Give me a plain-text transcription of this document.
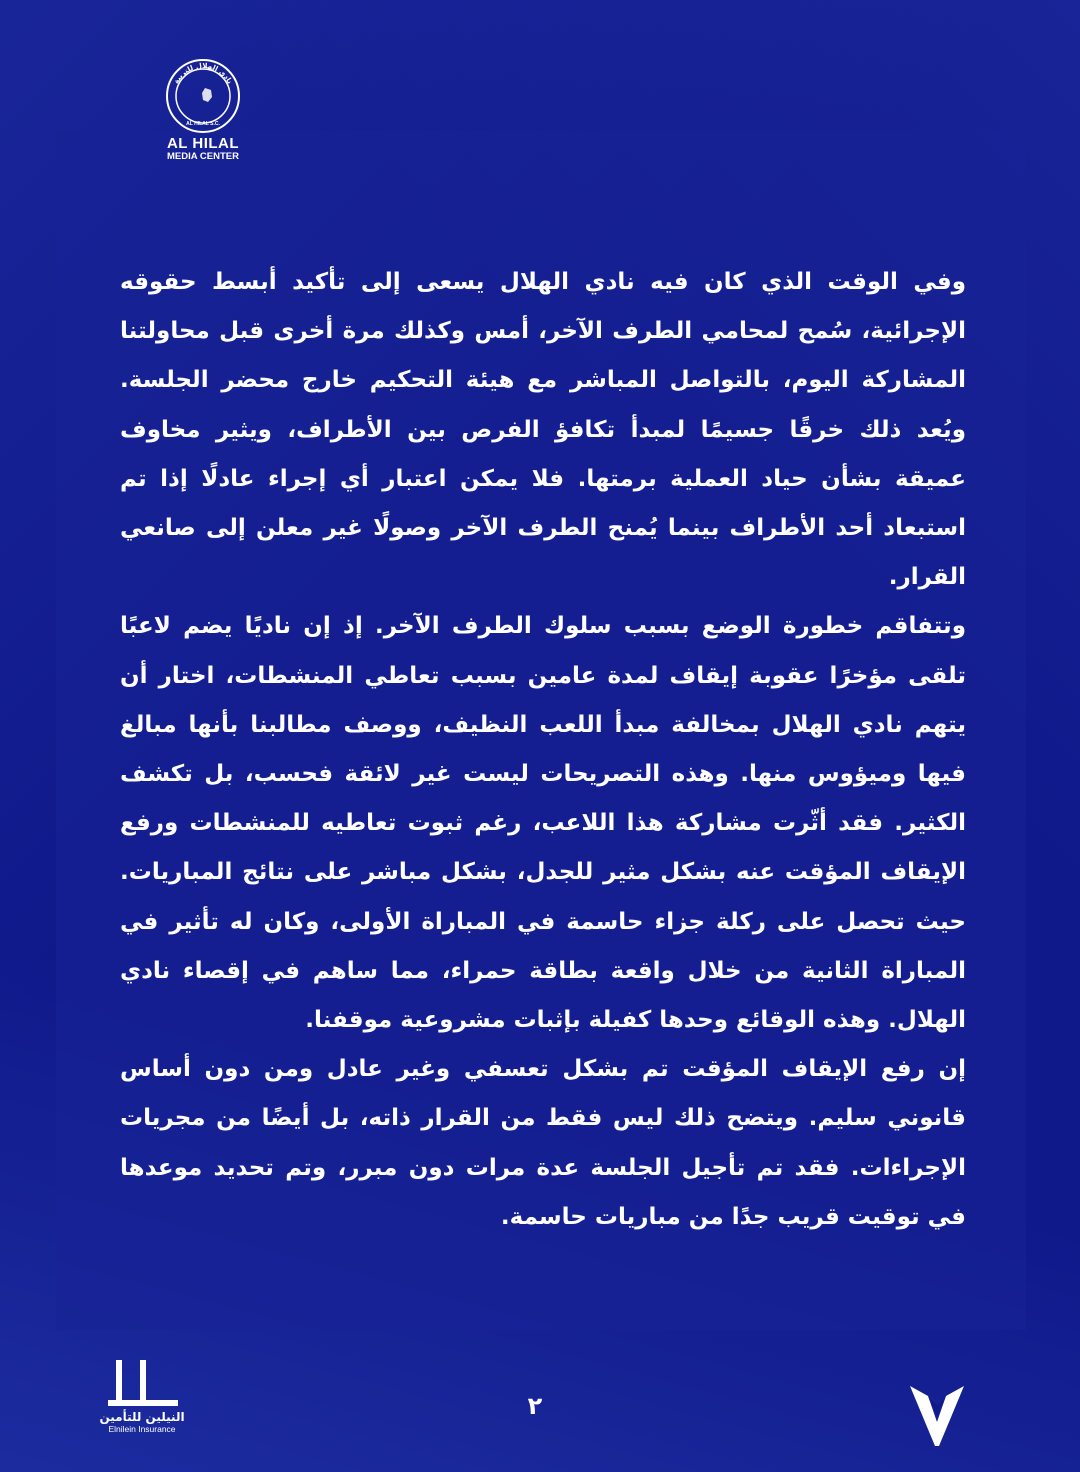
نادي الهلال للتربية
AL HILAL S.C.
AL HILAL
MEDIA CENTER

وفي الوقت الذي كان فيه نادي الهلال يسعى إلى تأكيد أبسط حقوقه الإجرائية، سُمح لمحامي الطرف الآخر، أمس وكذلك مرة أخرى قبل محاولتنا المشاركة اليوم، بالتواصل المباشر مع هيئة التحكيم خارج محضر الجلسة. ويُعد ذلك خرقًا جسيمًا لمبدأ تكافؤ الفرص بين الأطراف، ويثير مخاوف عميقة بشأن حياد العملية برمتها. فلا يمكن اعتبار أي إجراء عادلًا إذا تم استبعاد أحد الأطراف بينما يُمنح الطرف الآخر وصولًا غير معلن إلى صانعي القرار.

وتتفاقم خطورة الوضع بسبب سلوك الطرف الآخر. إذ إن ناديًا يضم لاعبًا تلقى مؤخرًا عقوبة إيقاف لمدة عامين بسبب تعاطي المنشطات، اختار أن يتهم نادي الهلال بمخالفة مبدأ اللعب النظيف، ووصف مطالبنا بأنها مبالغ فيها وميؤوس منها. وهذه التصريحات ليست غير لائقة فحسب، بل تكشف الكثير. فقد أثّرت مشاركة هذا اللاعب، رغم ثبوت تعاطيه للمنشطات ورفع الإيقاف المؤقت عنه بشكل مثير للجدل، بشكل مباشر على نتائج المباريات. حيث تحصل على ركلة جزاء حاسمة في المباراة الأولى، وكان له تأثير في المباراة الثانية من خلال واقعة بطاقة حمراء، مما ساهم في إقصاء نادي الهلال. وهذه الوقائع وحدها كفيلة بإثبات مشروعية موقفنا.

إن رفع الإيقاف المؤقت تم بشكل تعسفي وغير عادل ومن دون أساس قانوني سليم. ويتضح ذلك ليس فقط من القرار ذاته، بل أيضًا من مجريات الإجراءات. فقد تم تأجيل الجلسة عدة مرات دون مبرر، وتم تحديد موعدها في توقيت قريب جدًا من مباريات حاسمة.

النيلين للتأمين
Elnilein Insurance
٢
